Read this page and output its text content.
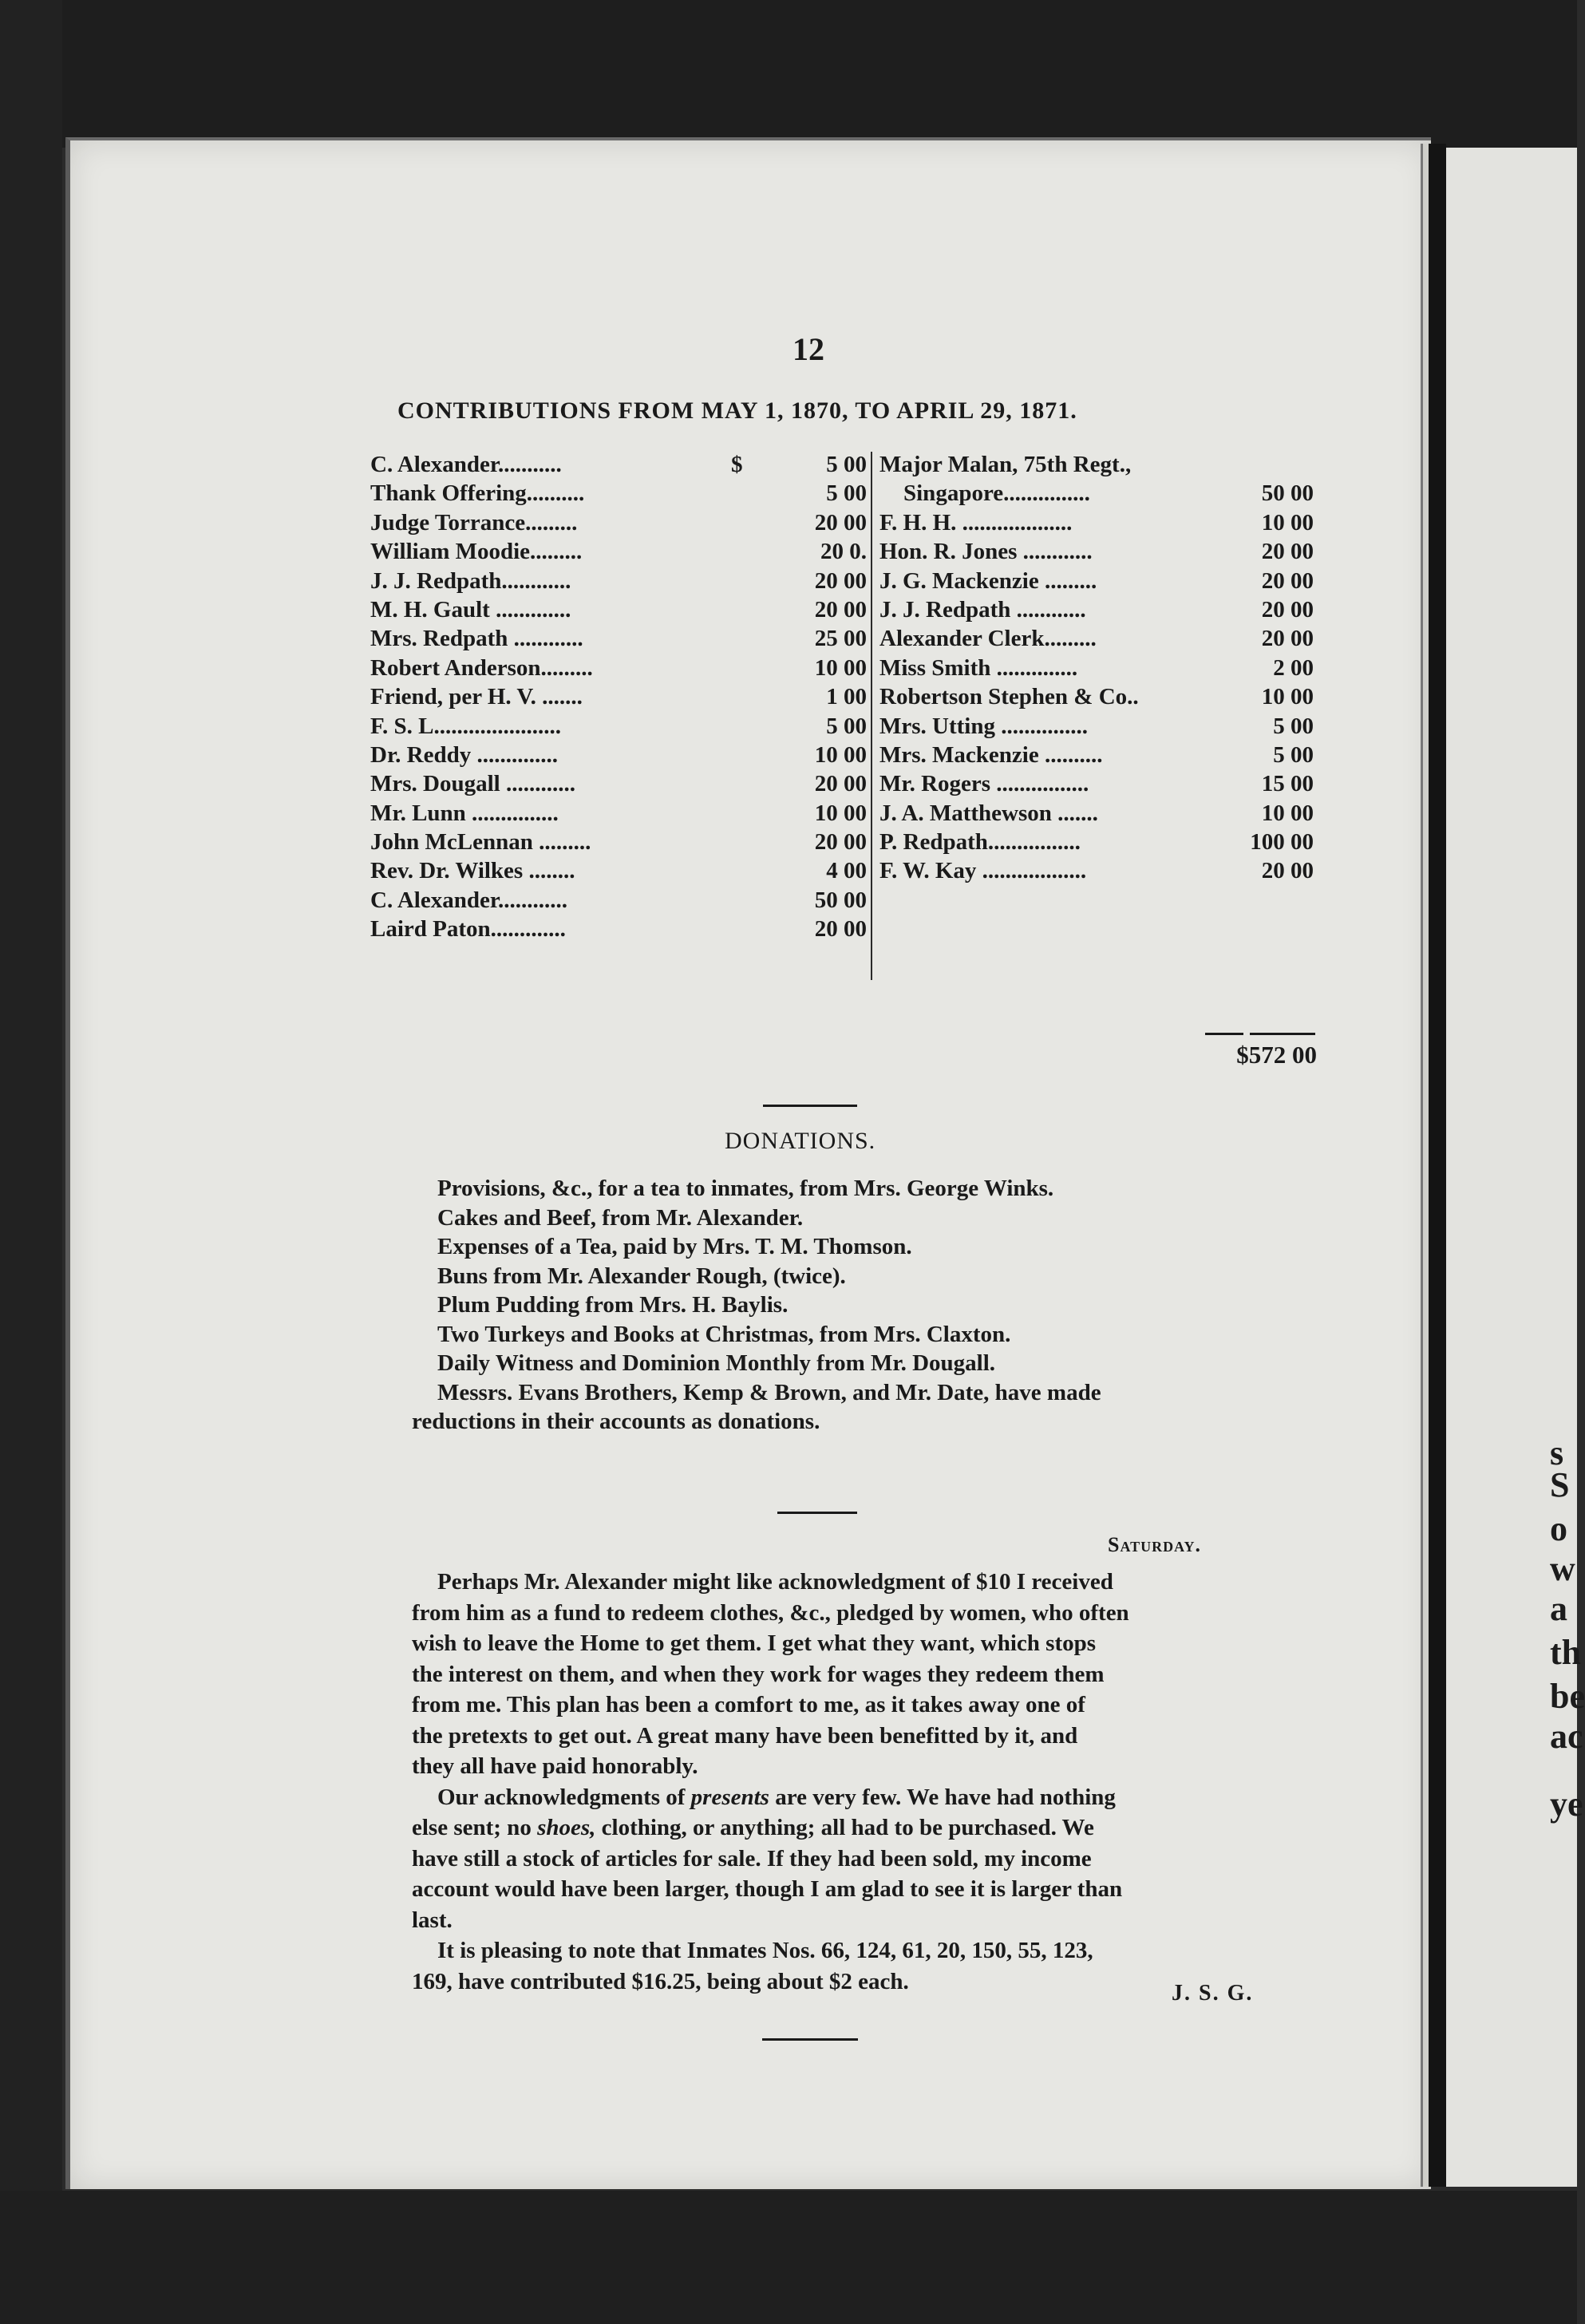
12
CONTRIBUTIONS FROM MAY 1, 1870, TO APRIL 29, 1871.
C. Alexander...........	$	5 00
Thank Offering..........	5 00
Judge Torrance.........	20 00
William Moodie.........	20 0.
J. J. Redpath............	20 00
M. H. Gault .............	20 00
Mrs. Redpath ............	25 00
Robert Anderson.........	10 00
Friend, per H. V. .......	1 00
F. S. L......................	5 00
Dr. Reddy ..............	10 00
Mrs. Dougall ............	20 00
Mr. Lunn ...............	10 00
John McLennan .........	20 00
Rev. Dr. Wilkes ........	4 00
C. Alexander............	50 00
Laird Paton.............	20 00
Major Malan, 75th Regt.,
Singapore...............	50 00
F. H. H. ...................	10 00
Hon. R. Jones ............	20 00
J. G. Mackenzie .........	20 00
J. J. Redpath ............	20 00
Alexander Clerk.........	20 00
Miss Smith ..............	2 00
Robertson Stephen & Co..	10 00
Mrs. Utting ...............	5 00
Mrs. Mackenzie ..........	5 00
Mr. Rogers ................	15 00
J. A. Matthewson .......	10 00
P. Redpath................	100 00
F. W. Kay ..................	20 00
$572 00
DONATIONS.

Provisions, &c., for a tea to inmates, from Mrs. George Winks.

Cakes and Beef, from Mr. Alexander.

Expenses of a Tea, paid by Mrs. T. M. Thomson.

Buns from Mr. Alexander Rough, (twice).

Plum Pudding from Mrs. H. Baylis.

Two Turkeys and Books at Christmas, from Mrs. Claxton.

Daily Witness and Dominion Monthly from Mr. Dougall.

Messrs. Evans Brothers, Kemp & Brown, and Mr. Date, have made

reductions in their accounts as donations.

Saturday.

Perhaps Mr. Alexander might like acknowledgment of $10 I received

from him as a fund to redeem clothes, &c., pledged by women, who often

wish to leave the Home to get them. I get what they want, which stops

the interest on them, and when they work for wages they redeem them

from me. This plan has been a comfort to me, as it takes away one of

the pretexts to get out. A great many have been benefitted by it, and

they all have paid honorably.

Our acknowledgments of presents are very few. We have had nothing

else sent; no shoes, clothing, or anything; all had to be purchased. We

have still a stock of articles for sale. If they had been sold, my income

account would have been larger, though I am glad to see it is larger than

last.

It is pleasing to note that Inmates Nos. 66, 124, 61, 20, 150, 55, 123,

169, have contributed $16.25, being about $2 each.	J. S. G.
s
S
o
w
a
th
be
ac
ye
